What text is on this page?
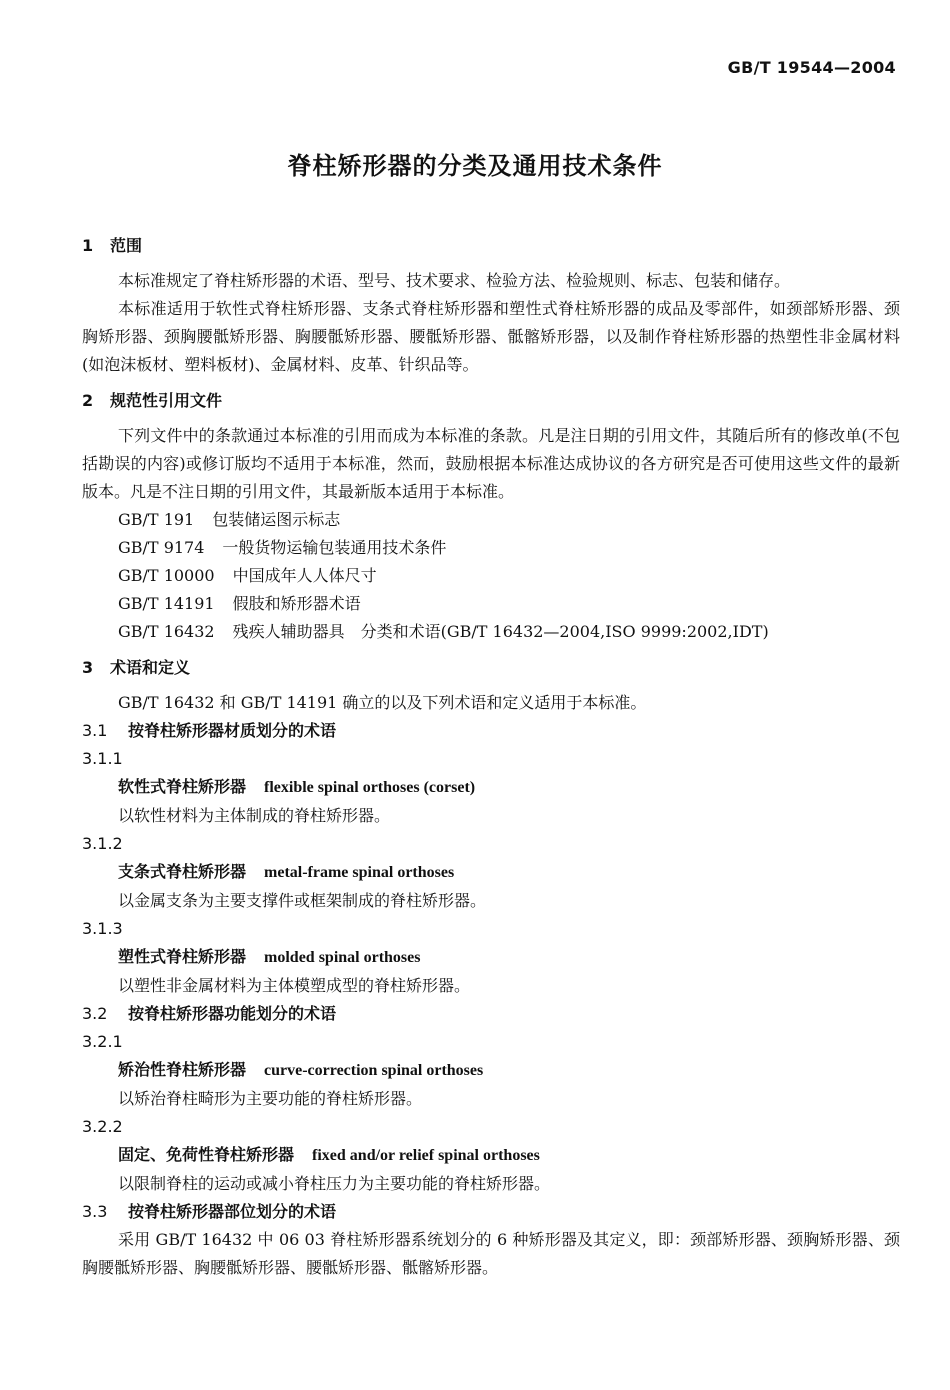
GB/T 19544—2004
脊柱矫形器的分类及通用技术条件
1 范围
本标准规定了脊柱矫形器的术语、型号、技术要求、检验方法、检验规则、标志、包装和储存。
本标准适用于软性式脊柱矫形器、支条式脊柱矫形器和塑性式脊柱矫形器的成品及零部件，如颈部矫形器、颈胸矫形器、颈胸腰骶矫形器、胸腰骶矫形器、腰骶矫形器、骶髂矫形器，以及制作脊柱矫形器的热塑性非金属材料(如泡沫板材、塑料板材)、金属材料、皮革、针织品等。
2 规范性引用文件
下列文件中的条款通过本标准的引用而成为本标准的条款。凡是注日期的引用文件，其随后所有的修改单(不包括勘误的内容)或修订版均不适用于本标准，然而，鼓励根据本标准达成协议的各方研究是否可使用这些文件的最新版本。凡是不注日期的引用文件，其最新版本适用于本标准。
GB/T 191 包装储运图示标志
GB/T 9174 一般货物运输包装通用技术条件
GB/T 10000 中国成年人人体尺寸
GB/T 14191 假肢和矫形器术语
GB/T 16432 残疾人辅助器具　分类和术语(GB/T 16432—2004,ISO 9999:2002,IDT)
3 术语和定义
GB/T 16432 和 GB/T 14191 确立的以及下列术语和定义适用于本标准。
3.1 按脊柱矫形器材质划分的术语
3.1.1
软性式脊柱矫形器 flexible spinal orthoses (corset)
以软性材料为主体制成的脊柱矫形器。
3.1.2
支条式脊柱矫形器 metal-frame spinal orthoses
以金属支条为主要支撑件或框架制成的脊柱矫形器。
3.1.3
塑性式脊柱矫形器 molded spinal orthoses
以塑性非金属材料为主体模塑成型的脊柱矫形器。
3.2 按脊柱矫形器功能划分的术语
3.2.1
矫治性脊柱矫形器 curve-correction spinal orthoses
以矫治脊柱畸形为主要功能的脊柱矫形器。
3.2.2
固定、免荷性脊柱矫形器 fixed and/or relief spinal orthoses
以限制脊柱的运动或减小脊柱压力为主要功能的脊柱矫形器。
3.3 按脊柱矫形器部位划分的术语
采用 GB/T 16432 中 06 03 脊柱矫形器系统划分的 6 种矫形器及其定义，即：颈部矫形器、颈胸矫形器、颈胸腰骶矫形器、胸腰骶矫形器、腰骶矫形器、骶髂矫形器。
